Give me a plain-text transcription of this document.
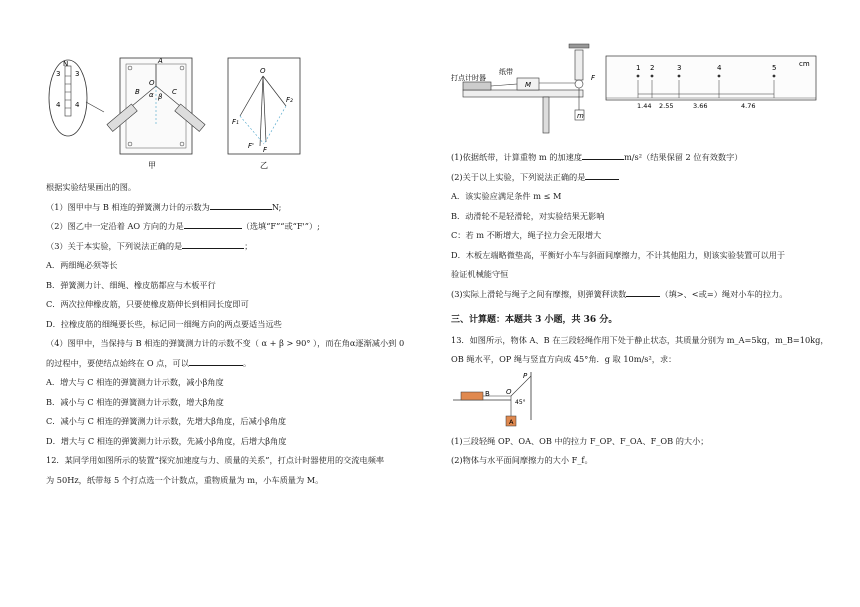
N
3 3
4 4
A
B	C
O
α β
甲
O
F₁
F₂
F' F
乙
打点计时器
纸带
M
F
m
cm
1 2	3	4	5
1.44 2.55	3.66	4.76
根据实验结果画出的图。
（1）图甲中与 B 相连的弹簧测力计的示数为	N;
（2）图乙中一定沿着 AO 方向的力是	（选填“F”“或“F'”）;
（3）关于本实验，下列说法正确的是	；
A．两细绳必须等长
B．弹簧测力计、细绳、橡皮筋都应与木板平行
C．两次拉伸橡皮筋，只要使橡皮筋伸长到相同长度即可
D．拉橡皮筋的细绳要长些，标记同一细绳方向的两点要适当远些
（4）图甲中，当保持与 B 相连的弹簧测力计的示数不变（ α + β > 90° ），而在角α逐渐减小到 0
的过程中，要使结点始终在 O 点，可以	。
A．增大与 C 相连的弹簧测力计示数，减小β角度
B．减小与 C 相连的弹簧测力计示数，增大β角度
C．减小与 C 相连的弹簧测力计示数，先增大β角度，后减小β角度
D．增大与 C 相连的弹簧测力计示数，先减小β角度，后增大β角度
12．某同学用如图所示的装置“探究加速度与力、质量的关系”，打点计时器使用的交流电频率
为 50Hz，纸带每 5 个打点选一个计数点，重物质量为 m，小车质量为 M。
(1)依据纸带，计算重物 m 的加速度	m/s²（结果保留 2 位有效数字）
(2)关于以上实验，下列说法正确的是
A．该实验应满足条件 m ≤ M
B．动滑轮不是轻滑轮，对实验结果无影响
C：若 m 不断增大，绳子拉力会无限增大
D．木板左端略微垫高，平衡好小车与斜面间摩擦力，不计其他阻力，则该实验装置可以用于
验证机械能守恒
(3)实际上滑轮与绳子之间有摩擦，则弹簧秤读数	（填>、<或=）绳对小车的拉力。
三、计算题：本题共 3 小题，共 36 分。
13．如图所示，物体 A、B 在三段轻绳作用下处于静止状态，其质量分别为 m_A=5kg，m_B=10kg，
OB 绳水平，OP 绳与竖直方向成 45°角．g 取 10m/s²，求：
B O
P
A
45°
(1)三段轻绳 OP、OA、OB 中的拉力 F_OP、F_OA、F_OB 的大小；
(2)物体与水平面间摩擦力的大小 F_f。
